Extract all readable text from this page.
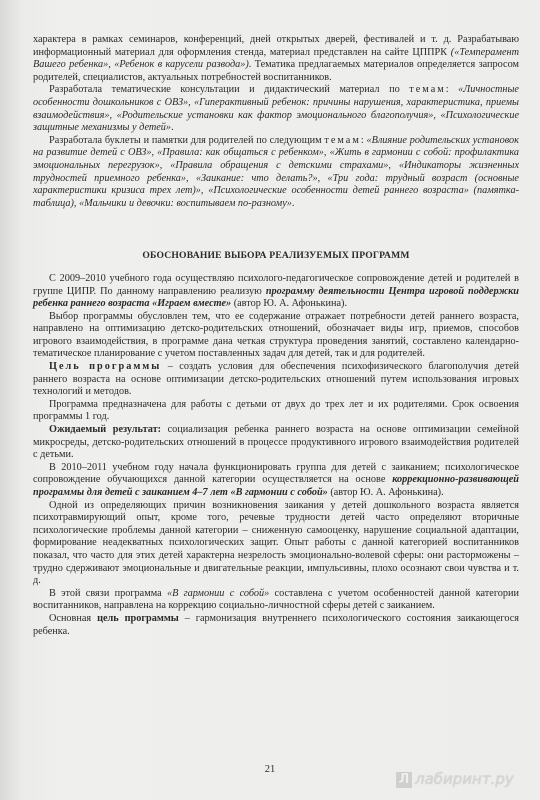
характера в рамках семинаров, конференций, дней открытых дверей, фестивалей и т. д. Разрабатываю информационный материал для оформления стенда, материал представлен на сайте ЦППРК («Темперамент Вашего ребенка», «Ребенок в карусели развода»). Тематика предлагаемых материалов определяется запросом родителей, специалистов, актуальных потребностей воспитанников.

Разработала тематические консультации и дидактический материал по темам: «Личностные особенности дошкольников с ОВЗ», «Гиперактивный ребенок: причины нарушения, характеристика, приемы взаимодействия», «Родительские установки как фактор эмоционального благополучия», «Психологические защитные механизмы у детей».

Разработала буклеты и памятки для родителей по следующим темам: «Влияние родительских установок на развитие детей с ОВЗ», «Правила: как общаться с ребенком», «Жить в гармонии с собой: профилактика эмоциональных перегрузок», «Правила обращения с детскими страхами», «Индикаторы жизненных трудностей приемного ребенка», «Заикание: что делать?», «Три года: трудный возраст (основные характеристики кризиса трех лет)», «Психологические особенности детей раннего возраста» (памятка-таблица), «Мальчики и девочки: воспитываем по-разному».

ОБОСНОВАНИЕ ВЫБОРА РЕАЛИЗУЕМЫХ ПРОГРАММ

С 2009–2010 учебного года осуществляю психолого-педагогическое сопровождение детей и родителей в группе ЦИПР. По данному направлению реализую программу деятельности Центра игровой поддержки ребенка раннего возраста «Играем вместе» (автор Ю. А. Афонькина).

Выбор программы обусловлен тем, что ее содержание отражает потребности детей раннего возраста, направлено на оптимизацию детско-родительских отношений, обозначает виды игр, приемов, способов игрового взаимодействия, в программе дана четкая структура проведения занятий, составлено календарно-тематическое планирование с учетом поставленных задач для детей, так и для родителей.

Цель программы – создать условия для обеспечения психофизического благополучия детей раннего возраста на основе оптимизации детско-родительских отношений путем использования игровых технологий и методов.

Программа предназначена для работы с детьми от двух до трех лет и их родителями. Срок освоения программы 1 год.

Ожидаемый результат: социализация ребенка раннего возраста на основе оптимизации семейной микросреды, детско-родительских отношений в процессе продуктивного игрового взаимодействия родителей с детьми.

В 2010–2011 учебном году начала функционировать группа для детей с заиканием; психологическое сопровождение обучающихся данной категории осуществляется на основе коррекционно-развивающей программы для детей с заиканием 4–7 лет «В гармонии с собой» (автор Ю. А. Афонькина).

Одной из определяющих причин возникновения заикания у детей дошкольного возраста является психотравмирующий опыт, кроме того, речевые трудности детей часто определяют вторичные психологические проблемы данной категории – сниженную самооценку, нарушение социальной адаптации, формирование неадекватных психологических защит. Опыт работы с данной категорией воспитанников показал, что часто для этих детей характерна незрелость эмоционально-волевой сферы: они расторможены – трудно сдерживают эмоциональные и двигательные реакции, импульсивны, плохо осознают свои чувства и т. д.

В этой связи программа «В гармонии с собой» составлена с учетом особенностей данной категории воспитанников, направлена на коррекцию социально-личностной сферы детей с заиканием.

Основная цель программы – гармонизация внутреннего психологического состояния заикающегося ребенка.

21
Л лабиринт.ру
